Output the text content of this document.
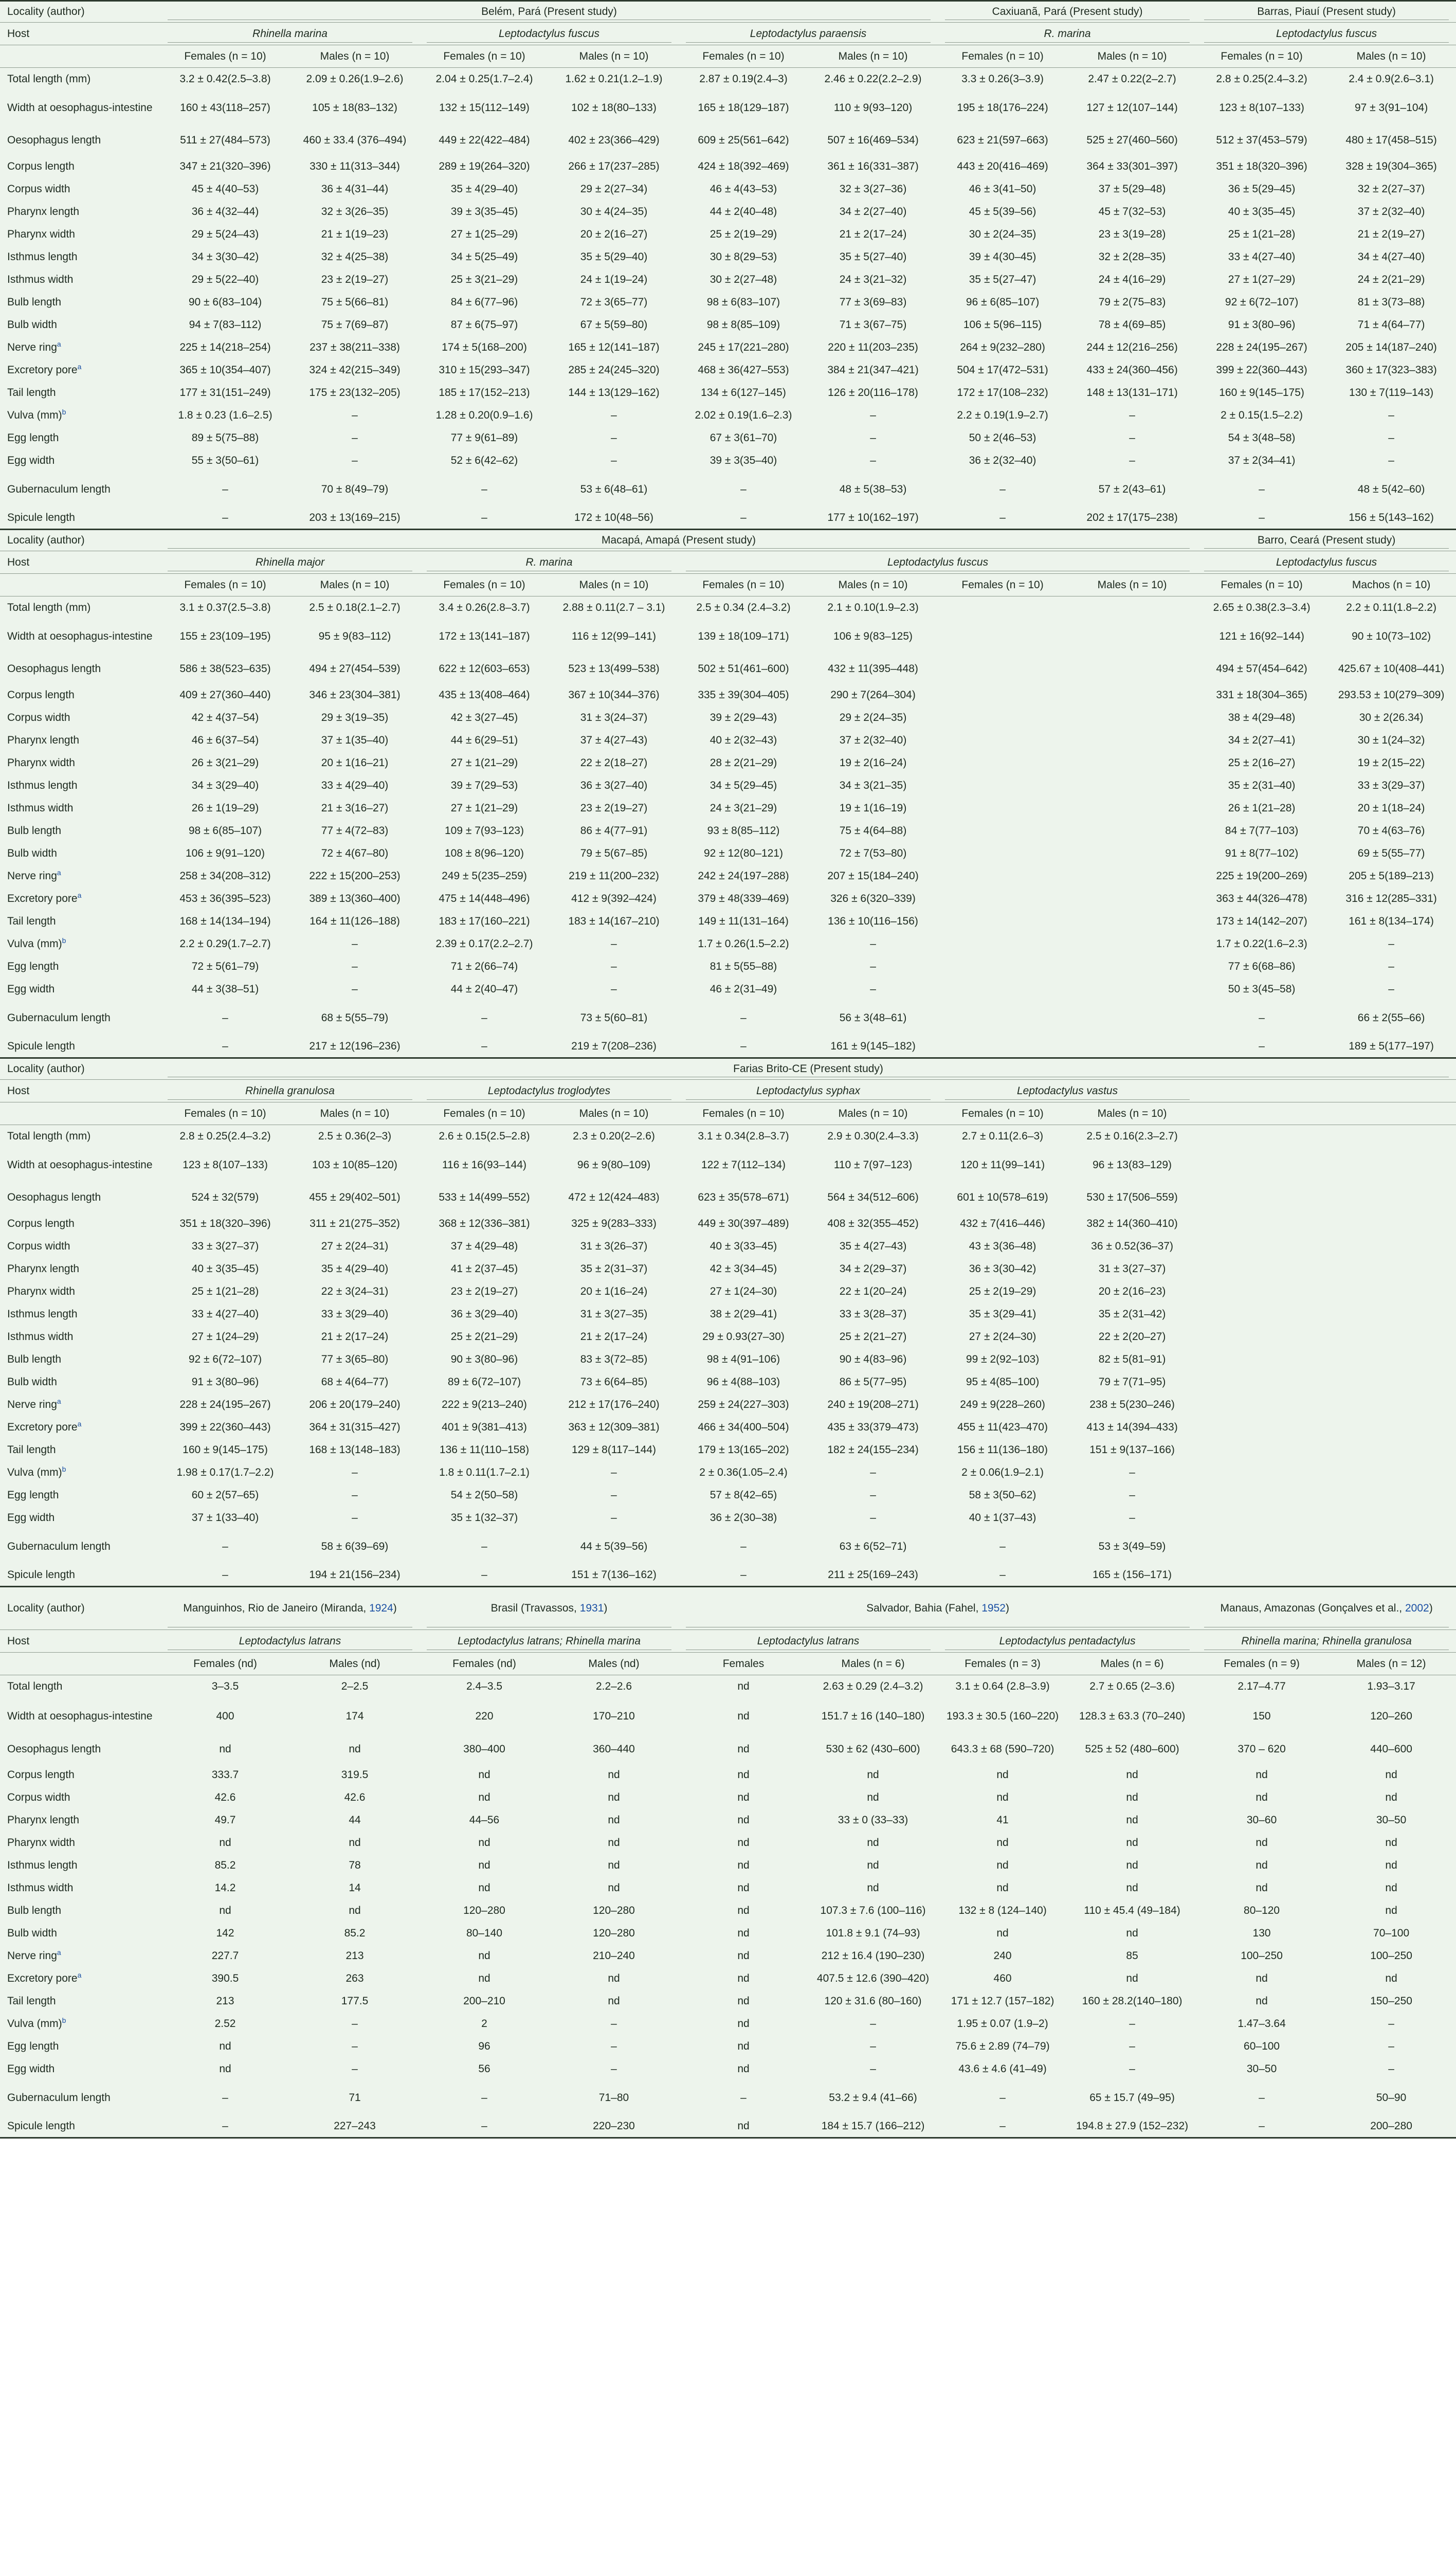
Locality (author)	Belém, Pará (Present study)						Caxiuanã, Pará (Present study)		Barras, Piauí (Present study)	
Host	Rhinella marina		Leptodactylus fuscus		Leptodactylus paraensis		R. marina		Leptodactylus fuscus	
	Females (n = 10)	Males (n = 10)	Females (n = 10)	Males (n = 10)	Females (n = 10)	Males (n = 10)	Females (n = 10)	Males (n = 10)	Females (n = 10)	Males (n = 10)
Total length (mm)	3.2 ± 0.42(2.5–3.8)	2.09 ± 0.26(1.9–2.6)	2.04 ± 0.25(1.7–2.4)	1.62 ± 0.21(1.2–1.9)	2.87 ± 0.19(2.4–3)	2.46 ± 0.22(2.2–2.9)	3.3 ± 0.26(3–3.9)	2.47 ± 0.22(2–2.7)	2.8 ± 0.25(2.4–3.2)	2.4 ± 0.9(2.6–3.1)
Width at oesophagus-intestine	160 ± 43(118–257)	105 ± 18(83–132)	132 ± 15(112–149)	102 ± 18(80–133)	165 ± 18(129–187)	110 ± 9(93–120)	195 ± 18(176–224)	127 ± 12(107–144)	123 ± 8(107–133)	97 ± 3(91–104)
Oesophagus length	511 ± 27(484–573)	460 ± 33.4 (376–494)	449 ± 22(422–484)	402 ± 23(366–429)	609 ± 25(561–642)	507 ± 16(469–534)	623 ± 21(597–663)	525 ± 27(460–560)	512 ± 37(453–579)	480 ± 17(458–515)
Corpus length	347 ± 21(320–396)	330 ± 11(313–344)	289 ± 19(264–320)	266 ± 17(237–285)	424 ± 18(392–469)	361 ± 16(331–387)	443 ± 20(416–469)	364 ± 33(301–397)	351 ± 18(320–396)	328 ± 19(304–365)
Corpus width	45 ± 4(40–53)	36 ± 4(31–44)	35 ± 4(29–40)	29 ± 2(27–34)	46 ± 4(43–53)	32 ± 3(27–36)	46 ± 3(41–50)	37 ± 5(29–48)	36 ± 5(29–45)	32 ± 2(27–37)
Pharynx length	36 ± 4(32–44)	32 ± 3(26–35)	39 ± 3(35–45)	30 ± 4(24–35)	44 ± 2(40–48)	34 ± 2(27–40)	45 ± 5(39–56)	45 ± 7(32–53)	40 ± 3(35–45)	37 ± 2(32–40)
Pharynx width	29 ± 5(24–43)	21 ± 1(19–23)	27 ± 1(25–29)	20 ± 2(16–27)	25 ± 2(19–29)	21 ± 2(17–24)	30 ± 2(24–35)	23 ± 3(19–28)	25 ± 1(21–28)	21 ± 2(19–27)
Isthmus length	34 ± 3(30–42)	32 ± 4(25–38)	34 ± 5(25–49)	35 ± 5(29–40)	30 ± 8(29–53)	35 ± 5(27–40)	39 ± 4(30–45)	32 ± 2(28–35)	33 ± 4(27–40)	34 ± 4(27–40)
Isthmus width	29 ± 5(22–40)	23 ± 2(19–27)	25 ± 3(21–29)	24 ± 1(19–24)	30 ± 2(27–48)	24 ± 3(21–32)	35 ± 5(27–47)	24 ± 4(16–29)	27 ± 1(27–29)	24 ± 2(21–29)
Bulb length	90 ± 6(83–104)	75 ± 5(66–81)	84 ± 6(77–96)	72 ± 3(65–77)	98 ± 6(83–107)	77 ± 3(69–83)	96 ± 6(85–107)	79 ± 2(75–83)	92 ± 6(72–107)	81 ± 3(73–88)
Bulb width	94 ± 7(83–112)	75 ± 7(69–87)	87 ± 6(75–97)	67 ± 5(59–80)	98 ± 8(85–109)	71 ± 3(67–75)	106 ± 5(96–115)	78 ± 4(69–85)	91 ± 3(80–96)	71 ± 4(64–77)
Nerve ring$^a$	225 ± 14(218–254)	237 ± 38(211–338)	174 ± 5(168–200)	165 ± 12(141–187)	245 ± 17(221–280)	220 ± 11(203–235)	264 ± 9(232–280)	244 ± 12(216–256)	228 ± 24(195–267)	205 ± 14(187–240)
Excretory pore$^a$	365 ± 10(354–407)	324 ± 42(215–349)	310 ± 15(293–347)	285 ± 24(245–320)	468 ± 36(427–553)	384 ± 21(347–421)	504 ± 17(472–531)	433 ± 24(360–456)	399 ± 22(360–443)	360 ± 17(323–383)
Tail length	177 ± 31(151–249)	175 ± 23(132–205)	185 ± 17(152–213)	144 ± 13(129–162)	134 ± 6(127–145)	126 ± 20(116–178)	172 ± 17(108–232)	148 ± 13(131–171)	160 ± 9(145–175)	130 ± 7(119–143)
Vulva (mm)$^b$	1.8 ± 0.23 (1.6–2.5)	–	1.28 ± 0.20(0.9–1.6)	–	2.02 ± 0.19(1.6–2.3)	–	2.2 ± 0.19(1.9–2.7)	–	2 ± 0.15(1.5–2.2)	–
Egg length	89 ± 5(75–88)	–	77 ± 9(61–89)	–	67 ± 3(61–70)	–	50 ± 2(46–53)	–	54 ± 3(48–58)	–
Egg width	55 ± 3(50–61)	–	52 ± 6(42–62)	–	39 ± 3(35–40)	–	36 ± 2(32–40)	–	37 ± 2(34–41)	–
Gubernaculum length	–	70 ± 8(49–79)	–	53 ± 6(48–61)	–	48 ± 5(38–53)	–	57 ± 2(43–61)	–	48 ± 5(42–60)
Spicule length	–	203 ± 13(169–215)	–	172 ± 10(48–56)	–	177 ± 10(162–197)	–	202 ± 17(175–238)	–	156 ± 5(143–162)
Locality (author)	Macapá, Amapá (Present study)								Barro, Ceará (Present study)	
Host	Rhinella major		R. marina		Leptodactylus fuscus				Leptodactylus fuscus	
	Females (n = 10)	Males (n = 10)	Females (n = 10)	Males (n = 10)	Females (n = 10)	Males (n = 10)	Females (n = 10)	Males (n = 10)	Females (n = 10)	Machos (n = 10)
Total length (mm)	3.1 ± 0.37(2.5–3.8)	2.5 ± 0.18(2.1–2.7)	3.4 ± 0.26(2.8–3.7)	2.88 ± 0.11(2.7 – 3.1)	2.5 ± 0.34 (2.4–3.2)	2.1 ± 0.10(1.9–2.3)			2.65 ± 0.38(2.3–3.4)	2.2 ± 0.11(1.8–2.2)
Width at oesophagus-intestine	155 ± 23(109–195)	95 ± 9(83–112)	172 ± 13(141–187)	116 ± 12(99–141)	139 ± 18(109–171)	106 ± 9(83–125)			121 ± 16(92–144)	90 ± 10(73–102)
Oesophagus length	586 ± 38(523–635)	494 ± 27(454–539)	622 ± 12(603–653)	523 ± 13(499–538)	502 ± 51(461–600)	432 ± 11(395–448)			494 ± 57(454–642)	425.67 ± 10(408–441)
Corpus length	409 ± 27(360–440)	346 ± 23(304–381)	435 ± 13(408–464)	367 ± 10(344–376)	335 ± 39(304–405)	290 ± 7(264–304)			331 ± 18(304–365)	293.53 ± 10(279–309)
Corpus width	42 ± 4(37–54)	29 ± 3(19–35)	42 ± 3(27–45)	31 ± 3(24–37)	39 ± 2(29–43)	29 ± 2(24–35)			38 ± 4(29–48)	30 ± 2(26.34)
Pharynx length	46 ± 6(37–54)	37 ± 1(35–40)	44 ± 6(29–51)	37 ± 4(27–43)	40 ± 2(32–43)	37 ± 2(32–40)			34 ± 2(27–41)	30 ± 1(24–32)
Pharynx width	26 ± 3(21–29)	20 ± 1(16–21)	27 ± 1(21–29)	22 ± 2(18–27)	28 ± 2(21–29)	19 ± 2(16–24)			25 ± 2(16–27)	19 ± 2(15–22)
Isthmus length	34 ± 3(29–40)	33 ± 4(29–40)	39 ± 7(29–53)	36 ± 3(27–40)	34 ± 5(29–45)	34 ± 3(21–35)			35 ± 2(31–40)	33 ± 3(29–37)
Isthmus width	26 ± 1(19–29)	21 ± 3(16–27)	27 ± 1(21–29)	23 ± 2(19–27)	24 ± 3(21–29)	19 ± 1(16–19)			26 ± 1(21–28)	20 ± 1(18–24)
Bulb length	98 ± 6(85–107)	77 ± 4(72–83)	109 ± 7(93–123)	86 ± 4(77–91)	93 ± 8(85–112)	75 ± 4(64–88)			84 ± 7(77–103)	70 ± 4(63–76)
Bulb width	106 ± 9(91–120)	72 ± 4(67–80)	108 ± 8(96–120)	79 ± 5(67–85)	92 ± 12(80–121)	72 ± 7(53–80)			91 ± 8(77–102)	69 ± 5(55–77)
Nerve ring$^a$	258 ± 34(208–312)	222 ± 15(200–253)	249 ± 5(235–259)	219 ± 11(200–232)	242 ± 24(197–288)	207 ± 15(184–240)			225 ± 19(200–269)	205 ± 5(189–213)
Excretory pore$^a$	453 ± 36(395–523)	389 ± 13(360–400)	475 ± 14(448–496)	412 ± 9(392–424)	379 ± 48(339–469)	326 ± 6(320–339)			363 ± 44(326–478)	316 ± 12(285–331)
Tail length	168 ± 14(134–194)	164 ± 11(126–188)	183 ± 17(160–221)	183 ± 14(167–210)	149 ± 11(131–164)	136 ± 10(116–156)			173 ± 14(142–207)	161 ± 8(134–174)
Vulva (mm)$^b$	2.2 ± 0.29(1.7–2.7)	–	2.39 ± 0.17(2.2–2.7)	–	1.7 ± 0.26(1.5–2.2)	–			1.7 ± 0.22(1.6–2.3)	–
Egg length	72 ± 5(61–79)	–	71 ± 2(66–74)	–	81 ± 5(55–88)	–			77 ± 6(68–86)	–
Egg width	44 ± 3(38–51)	–	44 ± 2(40–47)	–	46 ± 2(31–49)	–			50 ± 3(45–58)	–
Gubernaculum length	–	68 ± 5(55–79)	–	73 ± 5(60–81)	–	56 ± 3(48–61)			–	66 ± 2(55–66)
Spicule length	–	217 ± 12(196–236)	–	219 ± 7(208–236)	–	161 ± 9(145–182)			–	189 ± 5(177–197)
Locality (author)	Farias Brito-CE (Present study)									
Host	Rhinella granulosa		Leptodactylus troglodytes		Leptodactylus syphax		Leptodactylus vastus			
	Females (n = 10)	Males (n = 10)	Females (n = 10)	Males (n = 10)	Females (n = 10)	Males (n = 10)	Females (n = 10)	Males (n = 10)		
Total length (mm)	2.8 ± 0.25(2.4–3.2)	2.5 ± 0.36(2–3)	2.6 ± 0.15(2.5–2.8)	2.3 ± 0.20(2–2.6)	3.1 ± 0.34(2.8–3.7)	2.9 ± 0.30(2.4–3.3)	2.7 ± 0.11(2.6–3)	2.5 ± 0.16(2.3–2.7)		
Width at oesophagus-intestine	123 ± 8(107–133)	103 ± 10(85–120)	116 ± 16(93–144)	96 ± 9(80–109)	122 ± 7(112–134)	110 ± 7(97–123)	120 ± 11(99–141)	96 ± 13(83–129)		
Oesophagus length	524 ± 32(579)	455 ± 29(402–501)	533 ± 14(499–552)	472 ± 12(424–483)	623 ± 35(578–671)	564 ± 34(512–606)	601 ± 10(578–619)	530 ± 17(506–559)		
Corpus length	351 ± 18(320–396)	311 ± 21(275–352)	368 ± 12(336–381)	325 ± 9(283–333)	449 ± 30(397–489)	408 ± 32(355–452)	432 ± 7(416–446)	382 ± 14(360–410)		
Corpus width	33 ± 3(27–37)	27 ± 2(24–31)	37 ± 4(29–48)	31 ± 3(26–37)	40 ± 3(33–45)	35 ± 4(27–43)	43 ± 3(36–48)	36 ± 0.52(36–37)		
Pharynx length	40 ± 3(35–45)	35 ± 4(29–40)	41 ± 2(37–45)	35 ± 2(31–37)	42 ± 3(34–45)	34 ± 2(29–37)	36 ± 3(30–42)	31 ± 3(27–37)		
Pharynx width	25 ± 1(21–28)	22 ± 3(24–31)	23 ± 2(19–27)	20 ± 1(16–24)	27 ± 1(24–30)	22 ± 1(20–24)	25 ± 2(19–29)	20 ± 2(16–23)		
Isthmus length	33 ± 4(27–40)	33 ± 3(29–40)	36 ± 3(29–40)	31 ± 3(27–35)	38 ± 2(29–41)	33 ± 3(28–37)	35 ± 3(29–41)	35 ± 2(31–42)		
Isthmus width	27 ± 1(24–29)	21 ± 2(17–24)	25 ± 2(21–29)	21 ± 2(17–24)	29 ± 0.93(27–30)	25 ± 2(21–27)	27 ± 2(24–30)	22 ± 2(20–27)		
Bulb length	92 ± 6(72–107)	77 ± 3(65–80)	90 ± 3(80–96)	83 ± 3(72–85)	98 ± 4(91–106)	90 ± 4(83–96)	99 ± 2(92–103)	82 ± 5(81–91)		
Bulb width	91 ± 3(80–96)	68 ± 4(64–77)	89 ± 6(72–107)	73 ± 6(64–85)	96 ± 4(88–103)	86 ± 5(77–95)	95 ± 4(85–100)	79 ± 7(71–95)		
Nerve ring$^a$	228 ± 24(195–267)	206 ± 20(179–240)	222 ± 9(213–240)	212 ± 17(176–240)	259 ± 24(227–303)	240 ± 19(208–271)	249 ± 9(228–260)	238 ± 5(230–246)		
Excretory pore$^a$	399 ± 22(360–443)	364 ± 31(315–427)	401 ± 9(381–413)	363 ± 12(309–381)	466 ± 34(400–504)	435 ± 33(379–473)	455 ± 11(423–470)	413 ± 14(394–433)		
Tail length	160 ± 9(145–175)	168 ± 13(148–183)	136 ± 11(110–158)	129 ± 8(117–144)	179 ± 13(165–202)	182 ± 24(155–234)	156 ± 11(136–180)	151 ± 9(137–166)		
Vulva (mm)$^b$	1.98 ± 0.17(1.7–2.2)	–	1.8 ± 0.11(1.7–2.1)	–	2 ± 0.36(1.05–2.4)	–	2 ± 0.06(1.9–2.1)	–		
Egg length	60 ± 2(57–65)	–	54 ± 2(50–58)	–	57 ± 8(42–65)	–	58 ± 3(50–62)	–		
Egg width	37 ± 1(33–40)	–	35 ± 1(32–37)	–	36 ± 2(30–38)	–	40 ± 1(37–43)	–		
Gubernaculum length	–	58 ± 6(39–69)	–	44 ± 5(39–56)	–	63 ± 6(52–71)	–	53 ± 3(49–59)		
Spicule length	–	194 ± 21(156–234)	–	151 ± 7(136–162)	–	211 ± 25(169–243)	–	165 ± (156–171)		
Locality (author)	Manguinhos, Rio de Janeiro (Miranda, 1924)		Brasil (Travassos, 1931)		Salvador, Bahia (Fahel, 1952)				Manaus, Amazonas (Gonçalves et al., 2002)	
Host	Leptodactylus latrans		Leptodactylus latrans; Rhinella marina		Leptodactylus latrans		Leptodactylus pentadactylus		Rhinella marina; Rhinella granulosa	
	Females (nd)	Males (nd)	Females (nd)	Males (nd)	Females	Males (n = 6)	Females (n = 3)	Males (n = 6)	Females (n = 9)	Males (n = 12)
Total length	3–3.5	2–2.5	2.4–3.5	2.2–2.6	nd	2.63 ± 0.29 (2.4–3.2)	3.1 ± 0.64 (2.8–3.9)	2.7 ± 0.65 (2–3.6)	2.17–4.77	1.93–3.17
Width at oesophagus-intestine	400	174	220	170–210	nd	151.7 ± 16 (140–180)	193.3 ± 30.5 (160–220)	128.3 ± 63.3 (70–240)	150	120–260
Oesophagus length	nd	nd	380–400	360–440	nd	530 ± 62 (430–600)	643.3 ± 68 (590–720)	525 ± 52 (480–600)	370 – 620	440–600
Corpus length	333.7	319.5	nd	nd	nd	nd	nd	nd	nd	nd
Corpus width	42.6	42.6	nd	nd	nd	nd	nd	nd	nd	nd
Pharynx length	49.7	44	44–56	nd	nd	33 ± 0 (33–33)	41	nd	30–60	30–50
Pharynx width	nd	nd	nd	nd	nd	nd	nd	nd	nd	nd
Isthmus length	85.2	78	nd	nd	nd	nd	nd	nd	nd	nd
Isthmus width	14.2	14	nd	nd	nd	nd	nd	nd	nd	nd
Bulb length	nd	nd	120–280	120–280	nd	107.3 ± 7.6 (100–116)	132 ± 8 (124–140)	110 ± 45.4 (49–184)	80–120	nd
Bulb width	142	85.2	80–140	120–280	nd	101.8 ± 9.1 (74–93)	nd	nd	130	70–100
Nerve ring$^a$	227.7	213	nd	210–240	nd	212 ± 16.4 (190–230)	240	85	100–250	100–250
Excretory pore$^a$	390.5	263	nd	nd	nd	407.5 ± 12.6 (390–420)	460	nd	nd	nd
Tail length	213	177.5	200–210	nd	nd	120 ± 31.6 (80–160)	171 ± 12.7 (157–182)	160 ± 28.2(140–180)	nd	150–250
Vulva (mm)$^b$	2.52	–	2	–	nd	–	1.95 ± 0.07 (1.9–2)	–	1.47–3.64	–
Egg length	nd	–	96	–	nd	–	75.6 ± 2.89 (74–79)	–	60–100	–
Egg width	nd	–	56	–	nd	–	43.6 ± 4.6 (41–49)	–	30–50	–
Gubernaculum length	–	71	–	71–80	–	53.2 ± 9.4 (41–66)	–	65 ± 15.7 (49–95)	–	50–90
Spicule length	–	227–243	–	220–230	nd	184 ± 15.7 (166–212)	–	194.8 ± 27.9 (152–232)	–	200–280
